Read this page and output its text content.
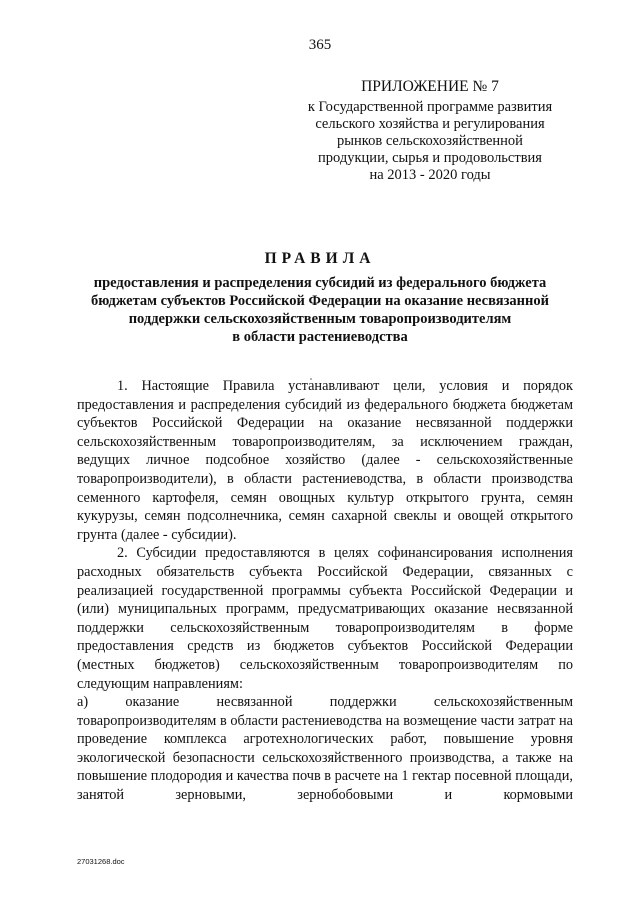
365
ПРИЛОЖЕНИЕ № 7
к Государственной программе развития
сельского хозяйства и регулирования
рынков сельскохозяйственной
продукции, сырья и продовольствия
на 2013 - 2020 годы
ПРАВИЛА
предоставления и распределения субсидий из федерального бюджета
бюджетам субъектов Российской Федерации на оказание несвязанной
поддержки сельскохозяйственным товаропроизводителям
в области растениеводства

1. Настоящие Правила устанавливают цели, условия и порядок предоставления и распределения субсидий из федерального бюджета бюджетам субъектов Российской Федерации на оказание несвязанной поддержки сельскохозяйственным товаропроизводителям, за исключением граждан, ведущих личное подсобное хозяйство (далее - сельскохозяйственные товаропроизводители), в области растениеводства, в области производства семенного картофеля, семян овощных культур открытого грунта, семян кукурузы, семян подсолнечника, семян сахарной свеклы и овощей открытого грунта (далее - субсидии).

2. Субсидии предоставляются в целях софинансирования исполнения расходных обязательств субъекта Российской Федерации, связанных с реализацией государственной программы субъекта Российской Федерации и (или) муниципальных программ, предусматривающих оказание несвязанной поддержки сельскохозяйственным товаропроизводителям в форме предоставления средств из бюджетов субъектов Российской Федерации (местных бюджетов) сельскохозяйственным товаропроизводителям по следующим направлениям:

а) оказание несвязанной поддержки сельскохозяйственным товаропроизводителям в области растениеводства на возмещение части затрат на проведение комплекса агротехнологических работ, повышение уровня экологической безопасности сельскохозяйственного производства, а также на повышение плодородия и качества почв в расчете на 1 гектар посевной площади, занятой зерновыми, зернобобовыми и кормовыми

27031268.doc
